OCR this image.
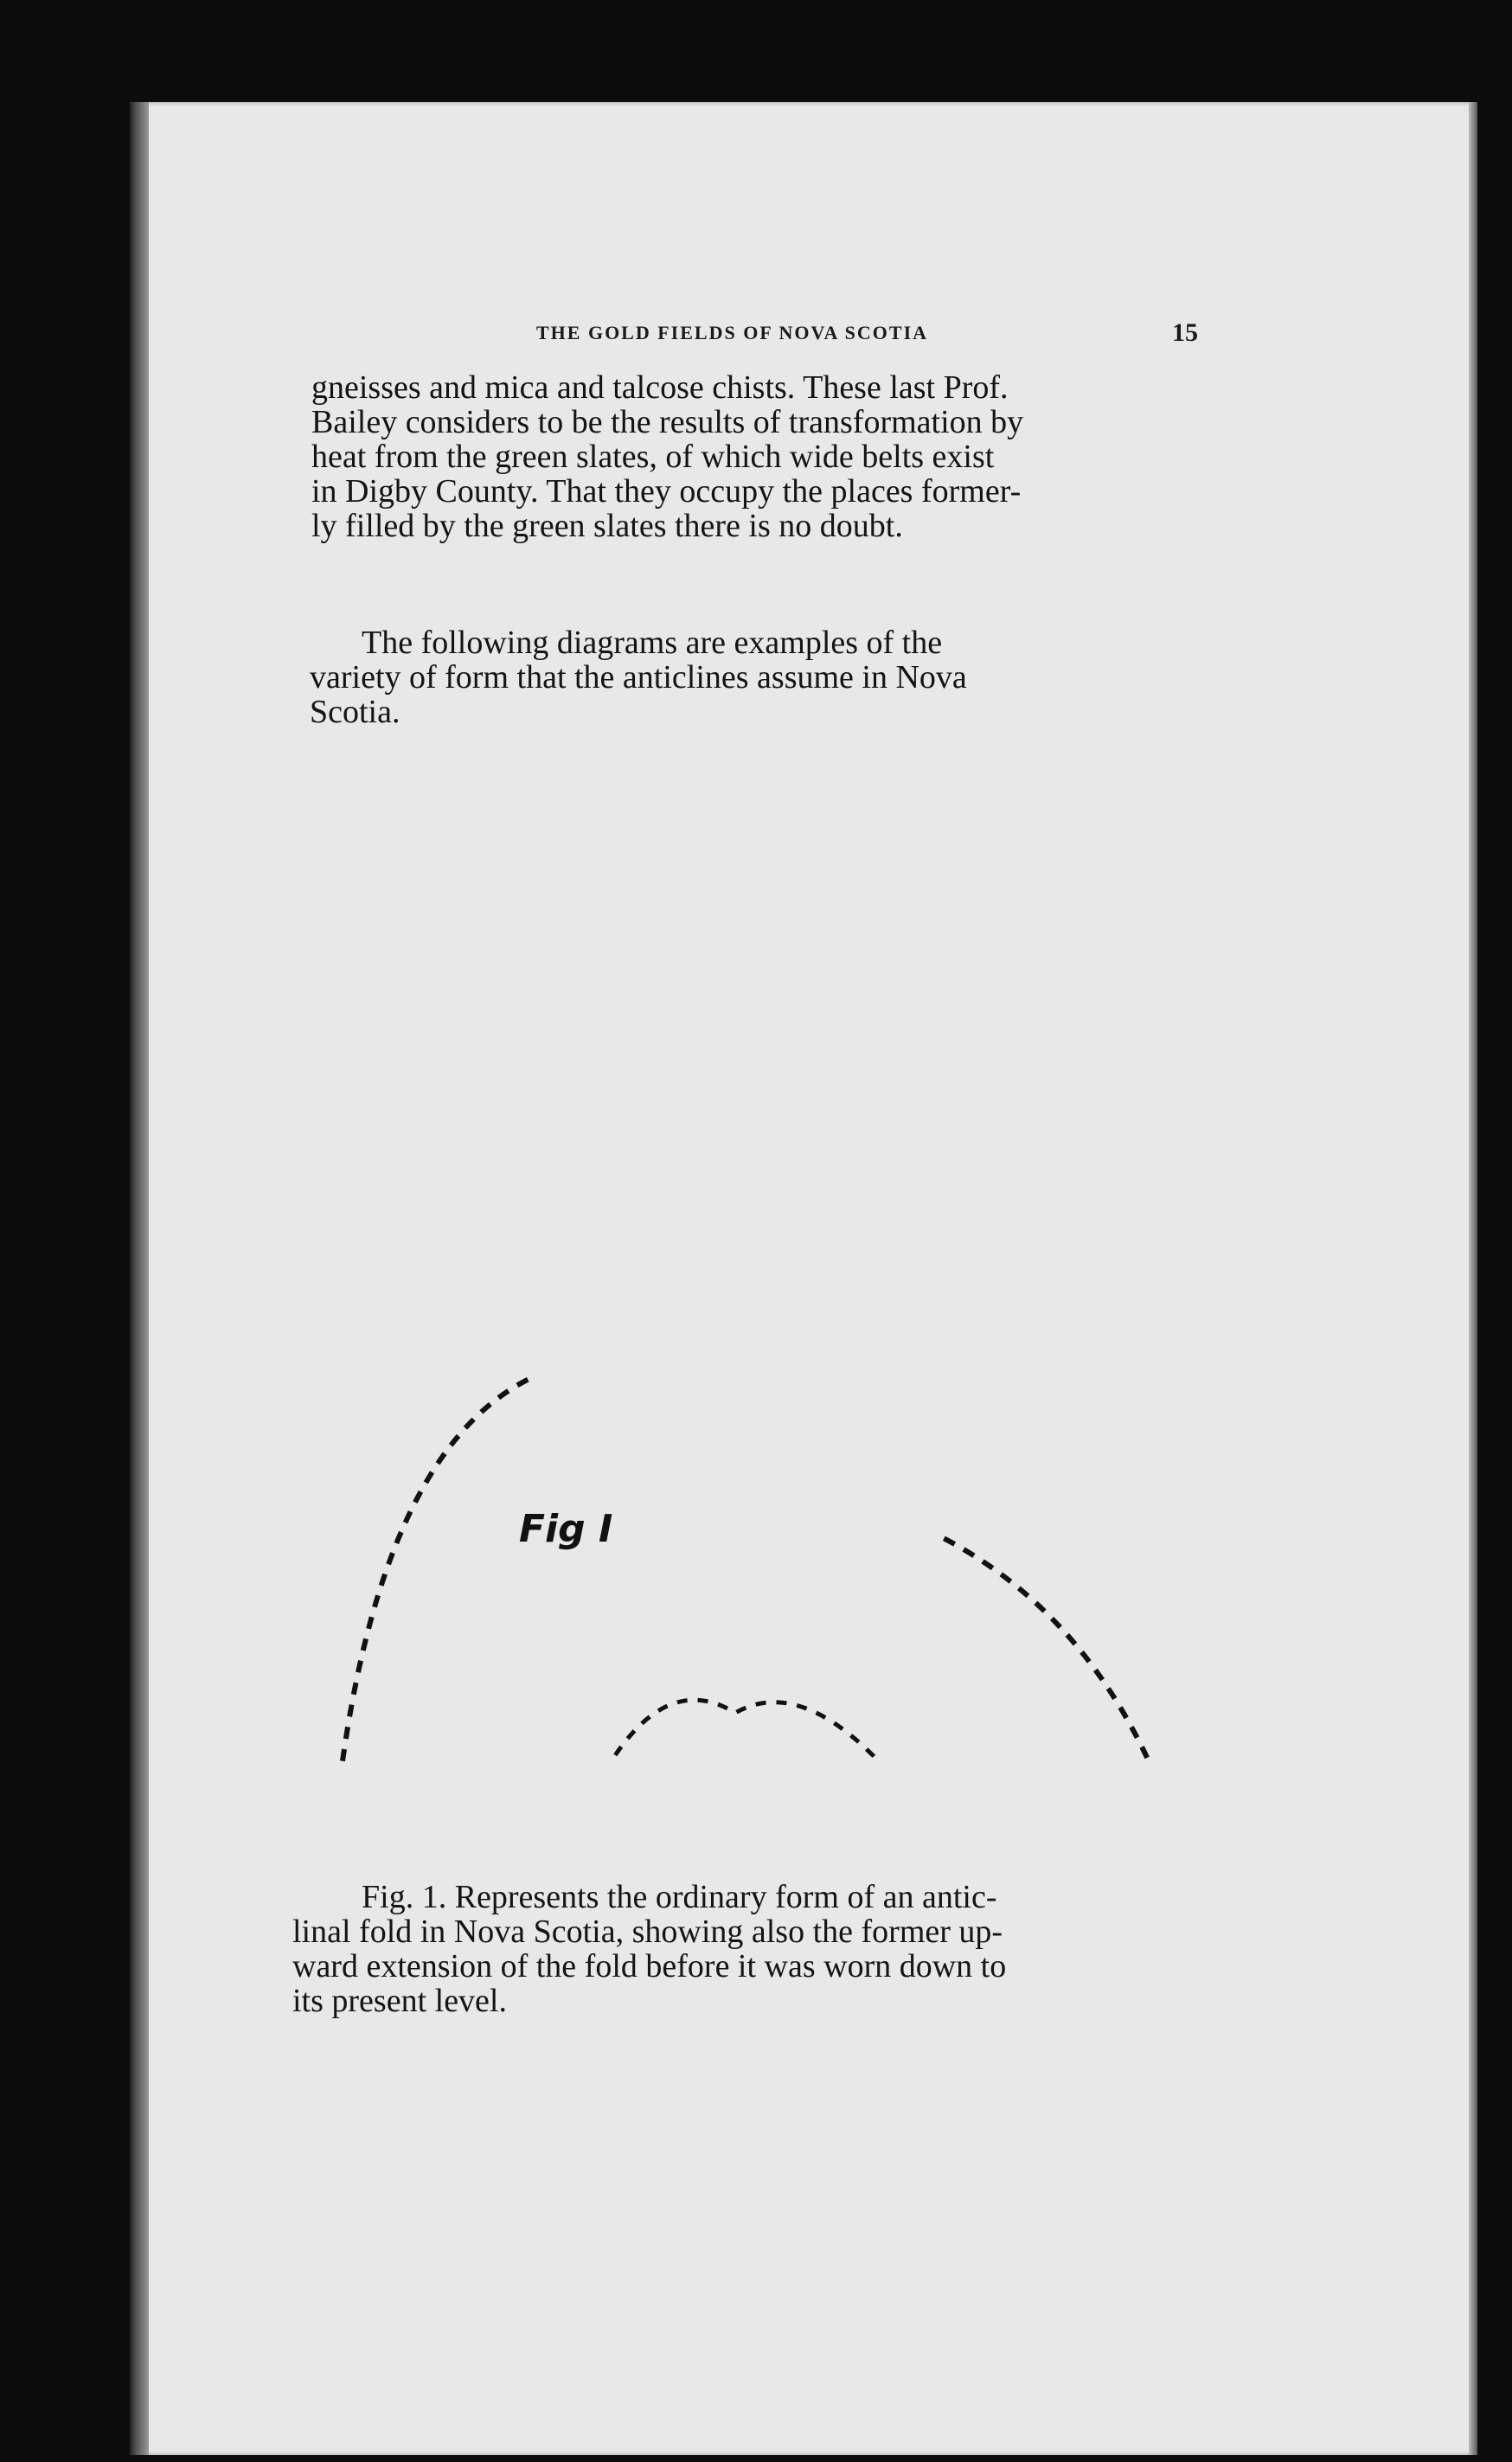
THE GOLD FIELDS OF NOVA SCOTIA	15
gneisses and mica and talcose chists. These last Prof.
Bailey considers to be the results of transformation by
heat from the green slates, of which wide belts exist
in Digby County. That they occupy the places former-
ly filled by the green slates there is no doubt.
The following diagrams are examples of the
variety of form that the anticlines assume in Nova
Scotia.
Fig I
Fig. 1. Represents the ordinary form of an antic-
linal fold in Nova Scotia, showing also the former up-
ward extension of the fold before it was worn down to
its present level.
